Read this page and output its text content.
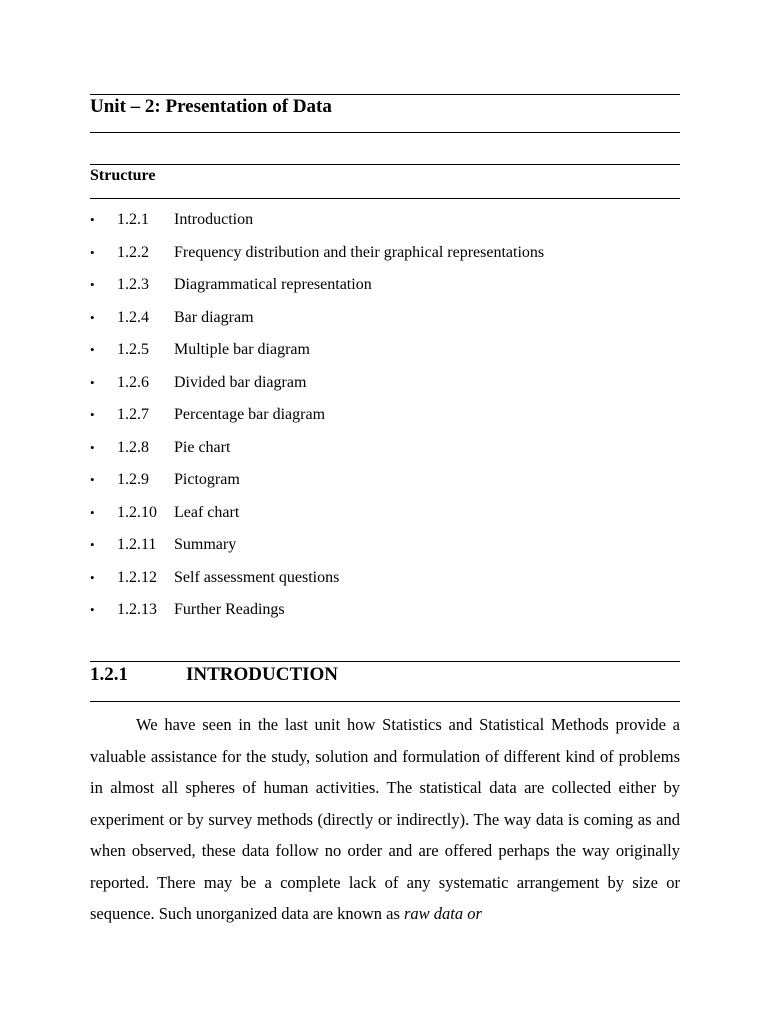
Unit – 2: Presentation of Data
Structure
•	1.2.1 Introduction
•	1.2.2 Frequency distribution and their graphical representations
•	1.2.3 Diagrammatical representation
•	1.2.4 Bar diagram
•	1.2.5 Multiple bar diagram
•	1.2.6 Divided bar diagram
•	1.2.7 Percentage bar diagram
•	1.2.8 Pie chart
•	1.2.9 Pictogram
•	1.2.10 Leaf chart
•	1.2.11 Summary
•	1.2.12 Self assessment questions
•	1.2.13 Further Readings
1.2.1	INTRODUCTION
We have seen in the last unit how Statistics and Statistical Methods provide a valuable assistance for the study, solution and formulation of different kind of problems in almost all spheres of human activities. The statistical data are collected either by experiment or by survey methods (directly or indirectly). The way data is coming as and when observed, these data follow no order and are offered perhaps the way originally reported. There may be a complete lack of any systematic arrangement by size or sequence. Such unorganized data are known as raw data or
